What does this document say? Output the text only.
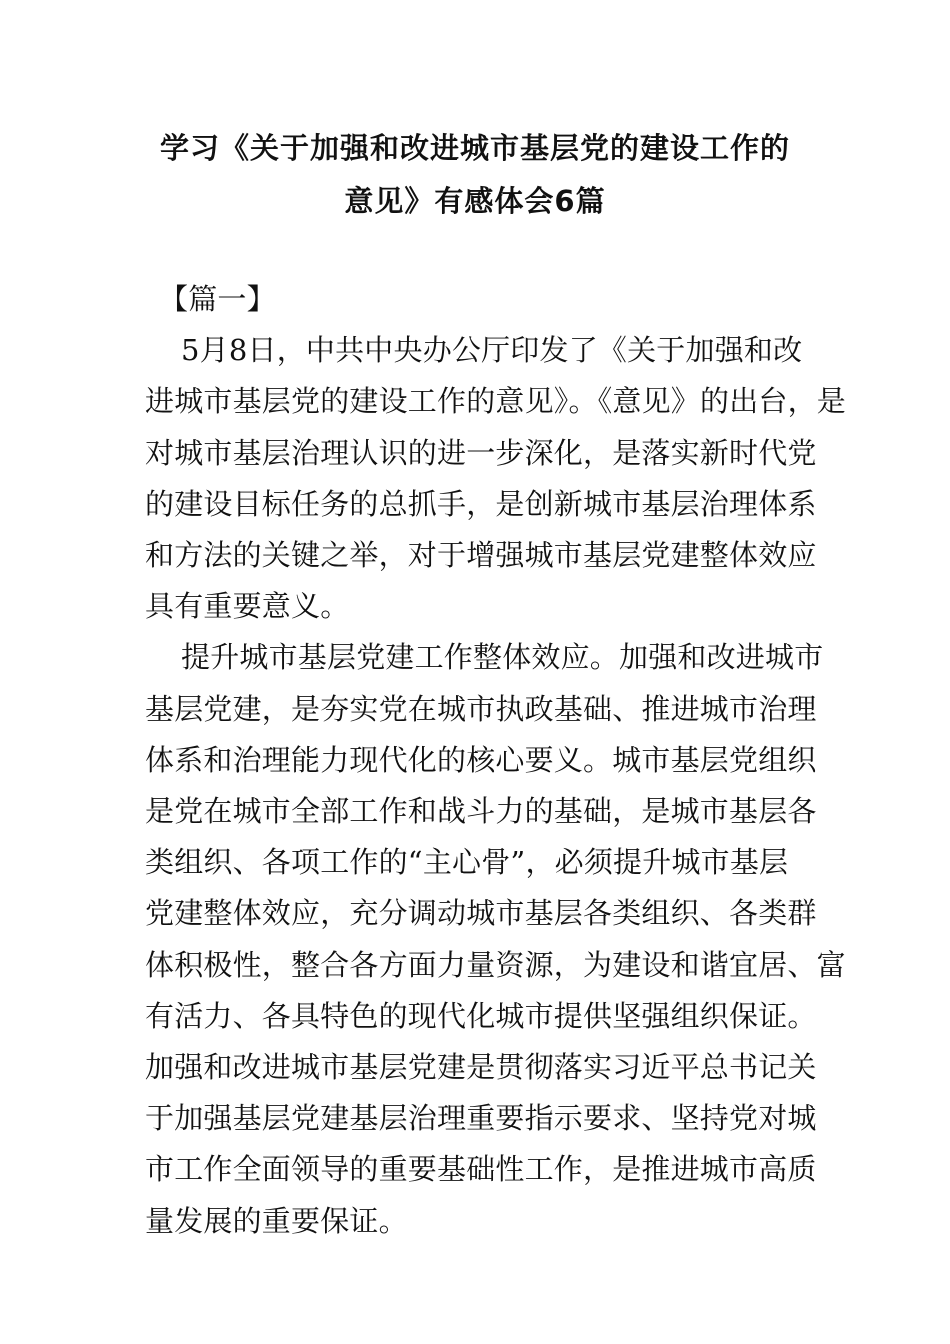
学习《关于加强和改进城市基层党的建设工作的
意见》有感体会6篇
【篇一】
5月8日，中共中央办公厅印发了《关于加强和改
进城市基层党的建设工作的意见》。《意见》的出台，是
对城市基层治理认识的进一步深化，是落实新时代党
的建设目标任务的总抓手，是创新城市基层治理体系
和方法的关键之举，对于增强城市基层党建整体效应
具有重要意义。
提升城市基层党建工作整体效应。加强和改进城市
基层党建，是夯实党在城市执政基础、推进城市治理
体系和治理能力现代化的核心要义。城市基层党组织
是党在城市全部工作和战斗力的基础，是城市基层各
类组织、各项工作的“主心骨”，必须提升城市基层
党建整体效应，充分调动城市基层各类组织、各类群
体积极性，整合各方面力量资源，为建设和谐宜居、富
有活力、各具特色的现代化城市提供坚强组织保证。
加强和改进城市基层党建是贯彻落实习近平总书记关
于加强基层党建基层治理重要指示要求、坚持党对城
市工作全面领导的重要基础性工作，是推进城市高质
量发展的重要保证。
